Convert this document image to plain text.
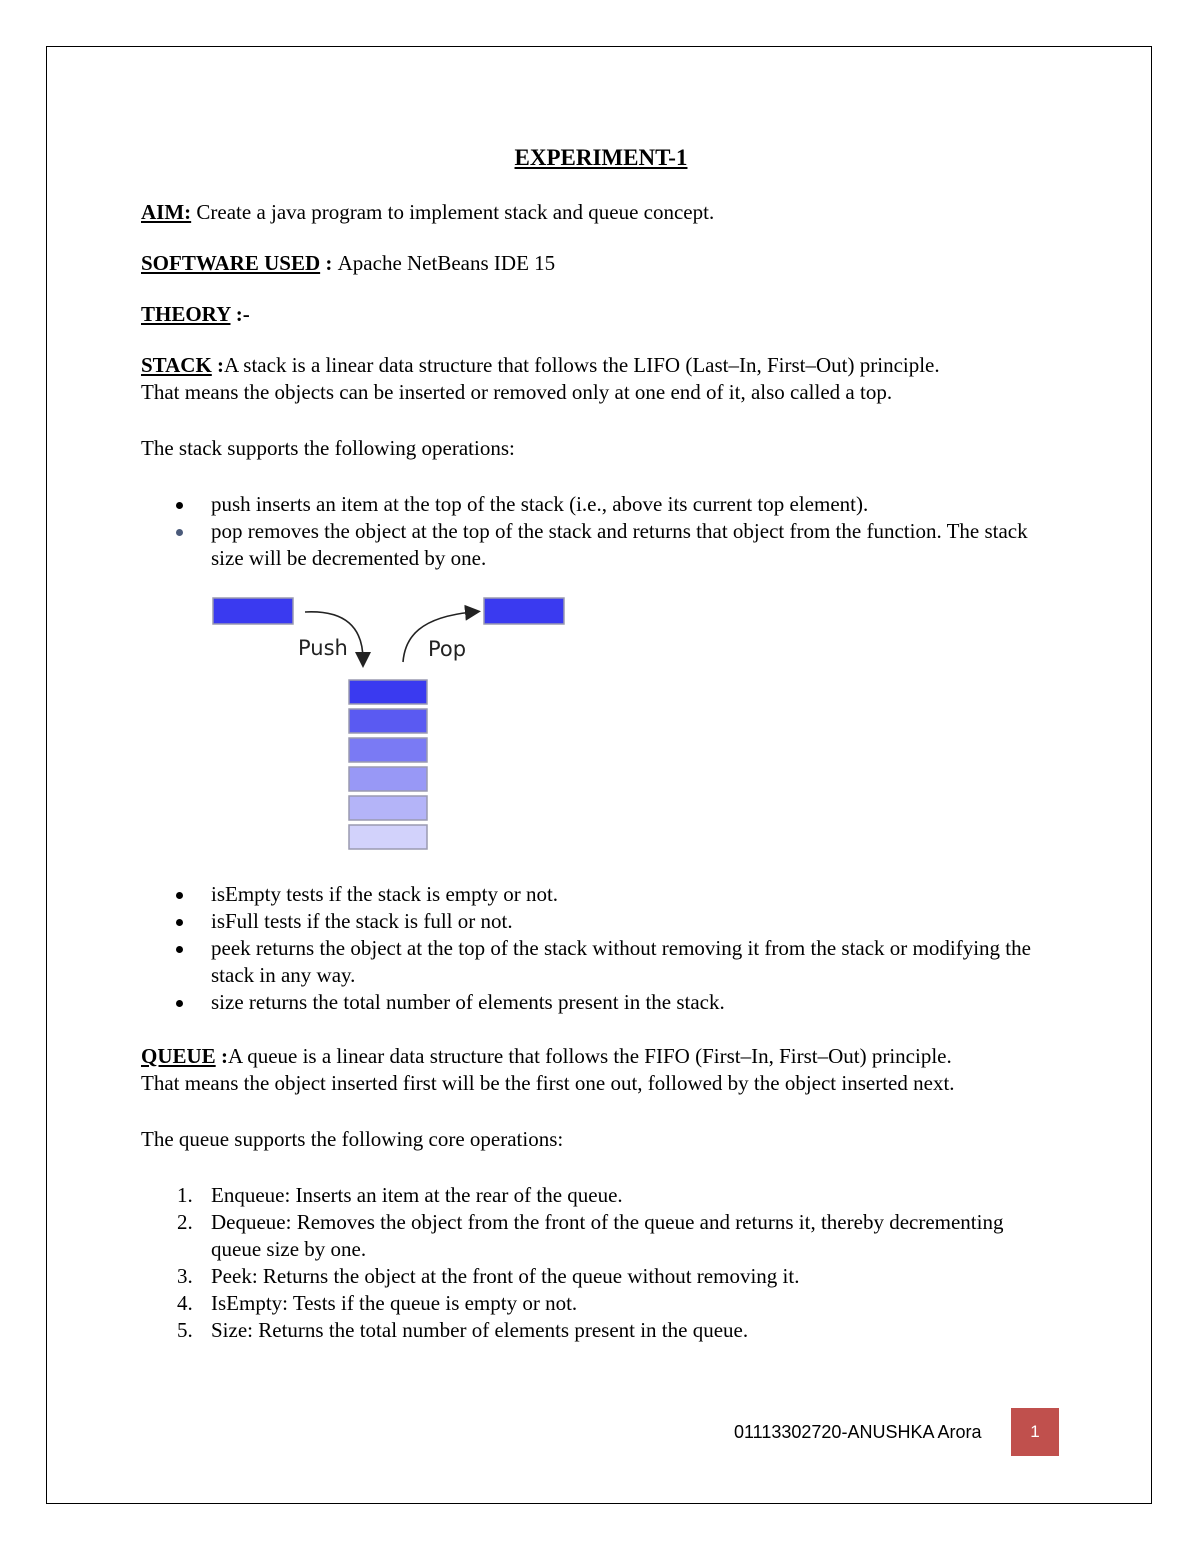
EXPERIMENT-1

AIM: Create a java program to implement stack and queue concept.

SOFTWARE USED : Apache NetBeans IDE 15

THEORY :-

STACK :A stack is a linear data structure that follows the LIFO (Last–In, First–Out) principle.
That means the objects can be inserted or removed only at one end of it, also called a top.

The stack supports the following operations:

push inserts an item at the top of the stack (i.e., above its current top element).
pop removes the object at the top of the stack and returns that object from the function. The stack size will be decremented by one.
isEmpty tests if the stack is empty or not.
isFull tests if the stack is full or not.
peek returns the object at the top of the stack without removing it from the stack or modifying the stack in any way.
size returns the total number of elements present in the stack.

QUEUE :A queue is a linear data structure that follows the FIFO (First–In, First–Out) principle.
That means the object inserted first will be the first one out, followed by the object inserted next.

The queue supports the following core operations:

1. Enqueue: Inserts an item at the rear of the queue.
2. Dequeue: Removes the object from the front of the queue and returns it, thereby decrementing queue size by one.
3. Peek: Returns the object at the front of the queue without removing it.
4. IsEmpty: Tests if the queue is empty or not.
5. Size: Returns the total number of elements present in the queue.
Push	Pop
01113302720-ANUSHKA Arora	1
